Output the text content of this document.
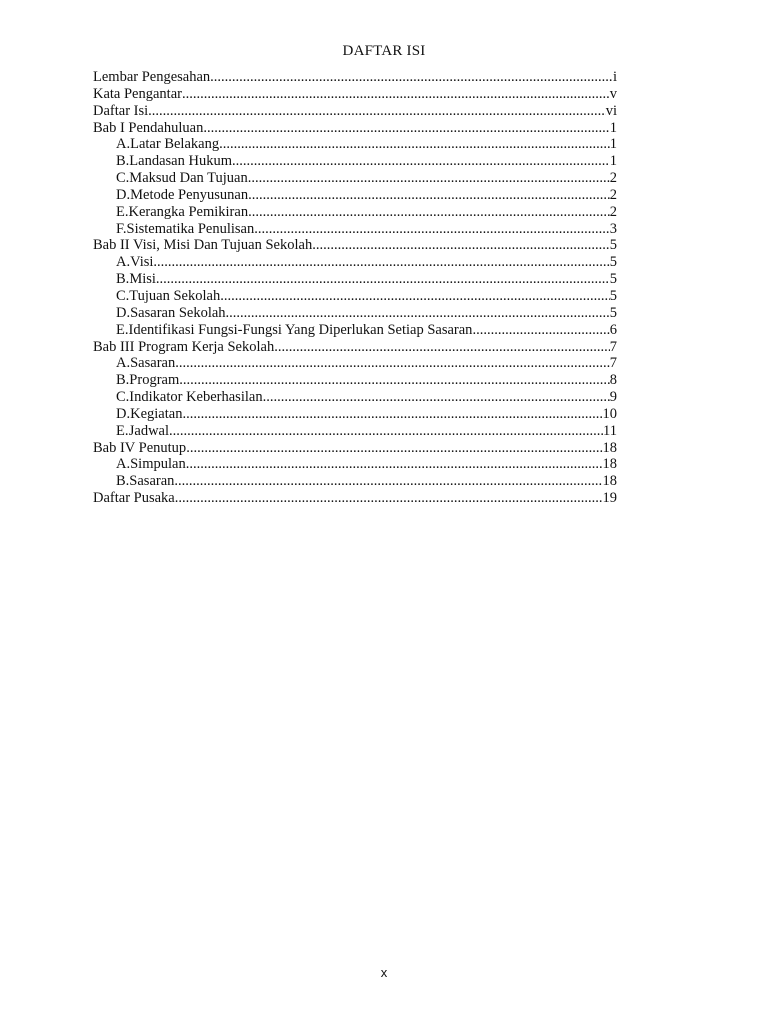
DAFTAR ISI
Lembar Pengesahan .....	i
Kata Pengantar .....	v
Daftar Isi .....	vi
Bab I Pendahuluan .....	1
A. Latar Belakang .....	1
B. Landasan Hukum .....	1
C. Maksud Dan Tujuan .....	2
D. Metode Penyusunan .....	2
E. Kerangka Pemikiran .....	2
F. Sistematika Penulisan .....	3
Bab II Visi, Misi Dan Tujuan Sekolah .....	5
A. Visi .....	5
B. Misi .....	5
C. Tujuan Sekolah .....	5
D. Sasaran Sekolah .....	5
E. Identifikasi Fungsi-Fungsi Yang Diperlukan Setiap Sasaran .....	6
Bab III Program Kerja Sekolah .....	7
A. Sasaran .....	7
B. Program .....	8
C. Indikator Keberhasilan .....	9
D. Kegiatan .....	10
E. Jadwal .....	11
Bab IV Penutup .....	18
A. Simpulan .....	18
B. Sasaran .....	18
Daftar Pusaka .....	19
x
